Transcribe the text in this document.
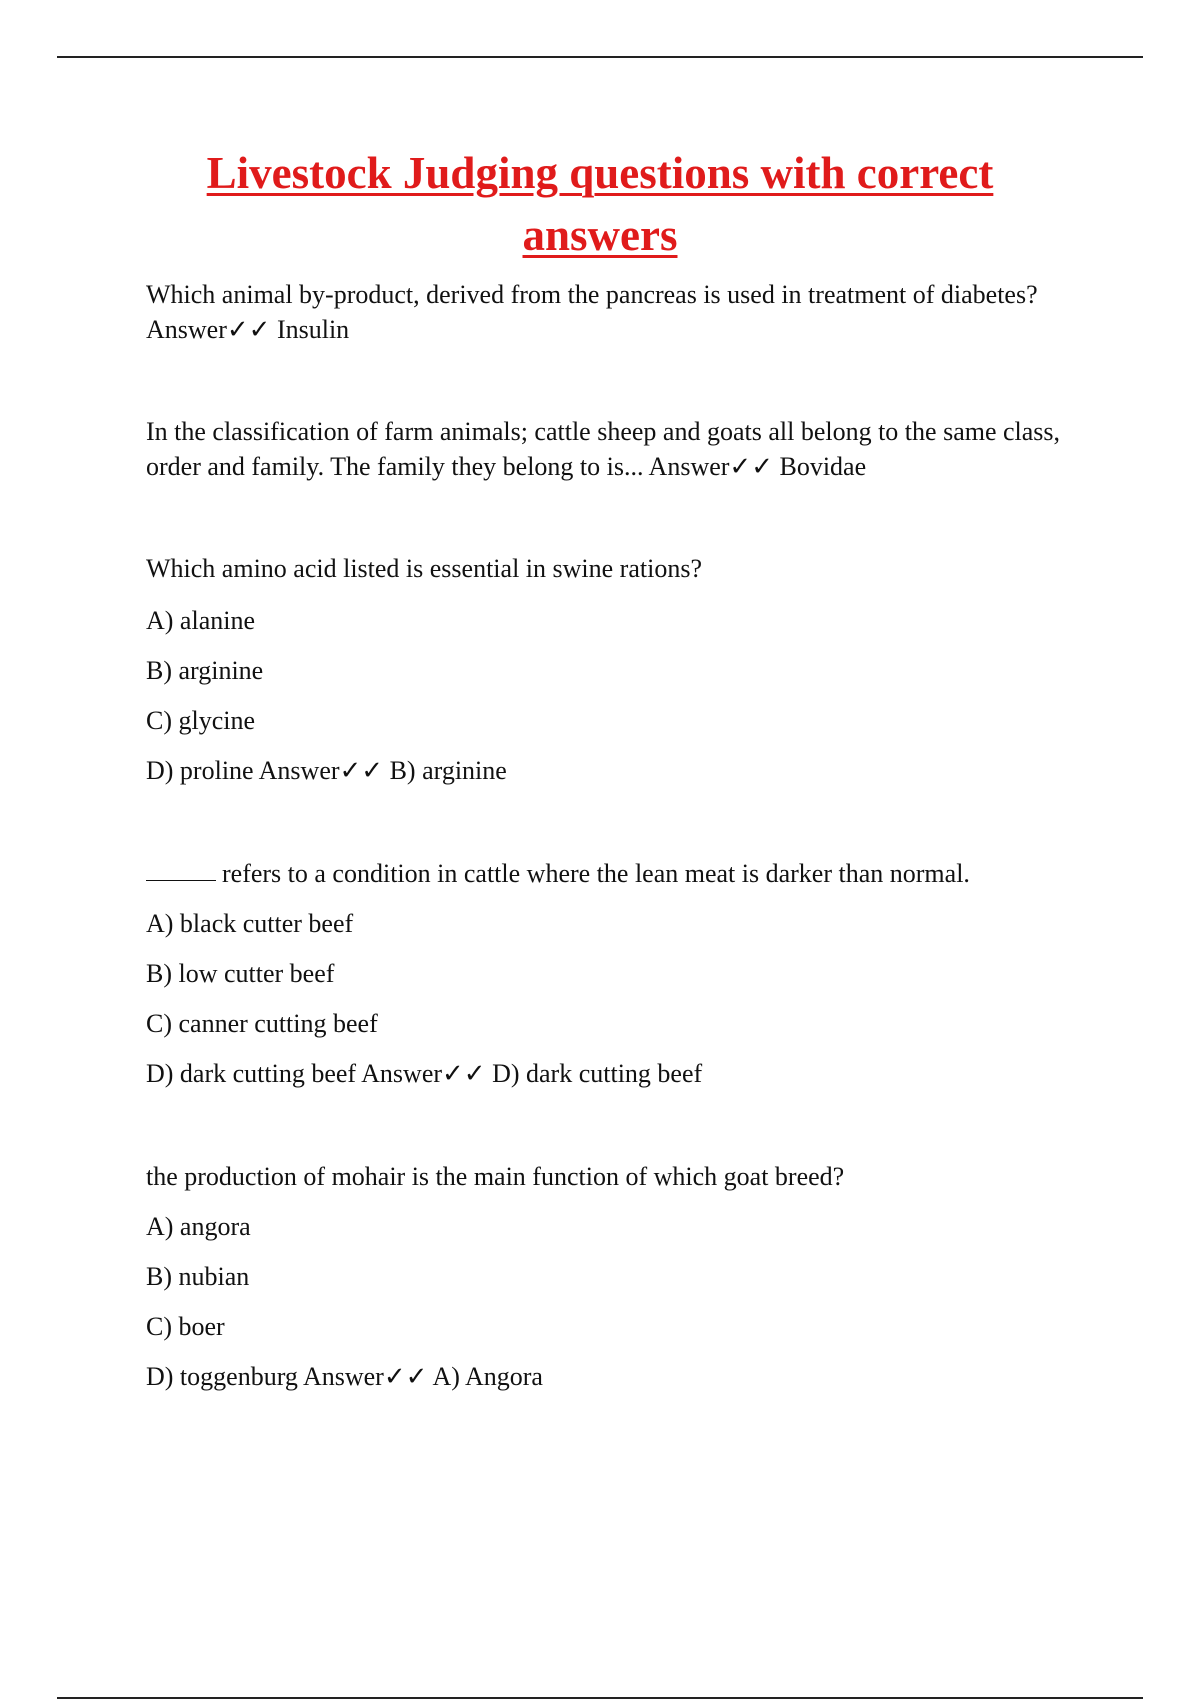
Livestock Judging questions with correct
answers

Which animal by-product, derived from the pancreas is used in treatment of diabetes? Answer✓✓ Insulin

In the classification of farm animals; cattle sheep and goats all belong to the same class, order and family. The family they belong to is... Answer✓✓ Bovidae

Which amino acid listed is essential in swine rations?

A) alanine

B) arginine

C) glycine

D) proline Answer✓✓ B) arginine

refers to a condition in cattle where the lean meat is darker than normal.

A) black cutter beef

B) low cutter beef

C) canner cutting beef

D) dark cutting beef Answer✓✓ D) dark cutting beef

the production of mohair is the main function of which goat breed?

A) angora

B) nubian

C) boer

D) toggenburg Answer✓✓ A) Angora
